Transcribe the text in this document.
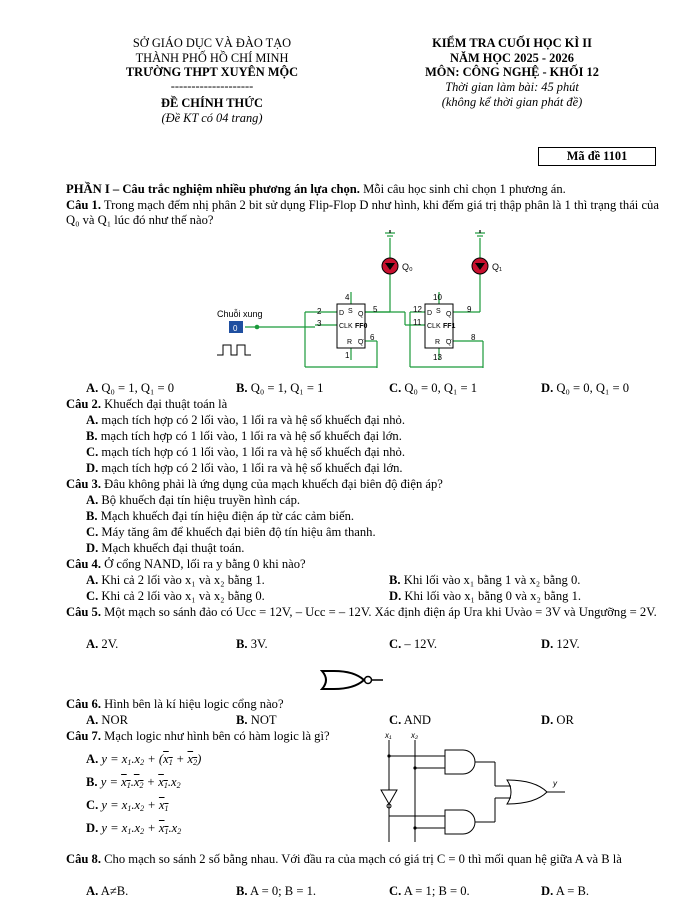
SỞ GIÁO DỤC VÀ ĐÀO TẠO
THÀNH PHỐ HỒ CHÍ MINH
TRƯỜNG THPT XUYÊN MỘC
--------------------
ĐỀ CHÍNH THỨC
(Đề KT có 04 trang)
KIỂM TRA CUỐI HỌC KÌ II
NĂM HỌC 2025 - 2026
MÔN: CÔNG NGHỆ - KHỐI 12
Thời gian làm bài: 45 phút
(không kể thời gian phát đề)
Mã đề 1101
PHẦN I – Câu trắc nghiệm nhiều phương án lựa chọn. Mỗi câu học sinh chỉ chọn 1 phương án.
Câu 1. Trong mạch đếm nhị phân 2 bit sử dụng Flip-Flop D như hình, khi đếm giá trị thập phân là 1 thì trạng thái của Q₀ và Q₁ lúc đó như thế nào?
Q₀	Q₁
D
CLK FF0
D
CLK FF1
Q	Q
Q	Q
S	S
R	R
4
2
3
5
6
1
10
12
11
9
8
13
Chuỗi xung
0
A. Q₀ = 1, Q₁ = 0	B. Q₀ = 1, Q₁ = 1	C. Q₀ = 0, Q₁ = 1	D. Q₀ = 0, Q₁ = 0
Câu 2. Khuếch đại thuật toán là
A. mạch tích hợp có 2 lối vào, 1 lối ra và hệ số khuếch đại nhỏ.
B. mạch tích hợp có 1 lối vào, 1 lối ra và hệ số khuếch đại lớn.
C. mạch tích hợp có 1 lối vào, 1 lối ra và hệ số khuếch đại nhỏ.
D. mạch tích hợp có 2 lối vào, 1 lối ra và hệ số khuếch đại lớn.
Câu 3. Đâu không phải là ứng dụng của mạch khuếch đại biên độ điện áp?
A. Bộ khuếch đại tín hiệu truyền hình cáp.
B. Mạch khuếch đại tín hiệu điện áp từ các cảm biến.
C. Máy tăng âm để khuếch đại biên độ tín hiệu âm thanh.
D. Mạch khuếch đại thuật toán.
Câu 4. Ở cổng NAND, lối ra y bằng 0 khi nào?
A. Khi cả 2 lối vào x₁ và x₂ bằng 1.	B. Khi lối vào x₁ bằng 1 và x₂ bằng 0.
C. Khi cả 2 lối vào x₁ và x₂ bằng 0.	D. Khi lối vào x₁ bằng 0 và x₂ bằng 1.
Câu 5. Một mạch so sánh đảo có Ucc = 12V, – Ucc = – 12V. Xác định điện áp Ura khi Uvào = 3V và Ungưỡng = 2V.
A. 2V.	B. 3V.	C. – 12V.	D. 12V.
Câu 6. Hình bên là kí hiệu logic cổng nào?
A. NOR	B. NOT	C. AND	D. OR
Câu 7. Mạch logic như hình bên có hàm logic là gì?
A. $y = x_1.x_2 + (x_1 + x_2)$
B. $y = x_1.x_2 + x_1.x_2$
C. $y = x_1.x_2 + x_1$
D. $y = x_1.x_2 + x_1.x_2$
x₁ x₂
y
Câu 8. Cho mạch so sánh 2 số bằng nhau. Với đầu ra của mạch có giá trị C = 0 thì mối quan hệ giữa A và B là
A. A≠B.	B. A = 0; B = 1.	C. A = 1; B = 0.	D. A = B.
